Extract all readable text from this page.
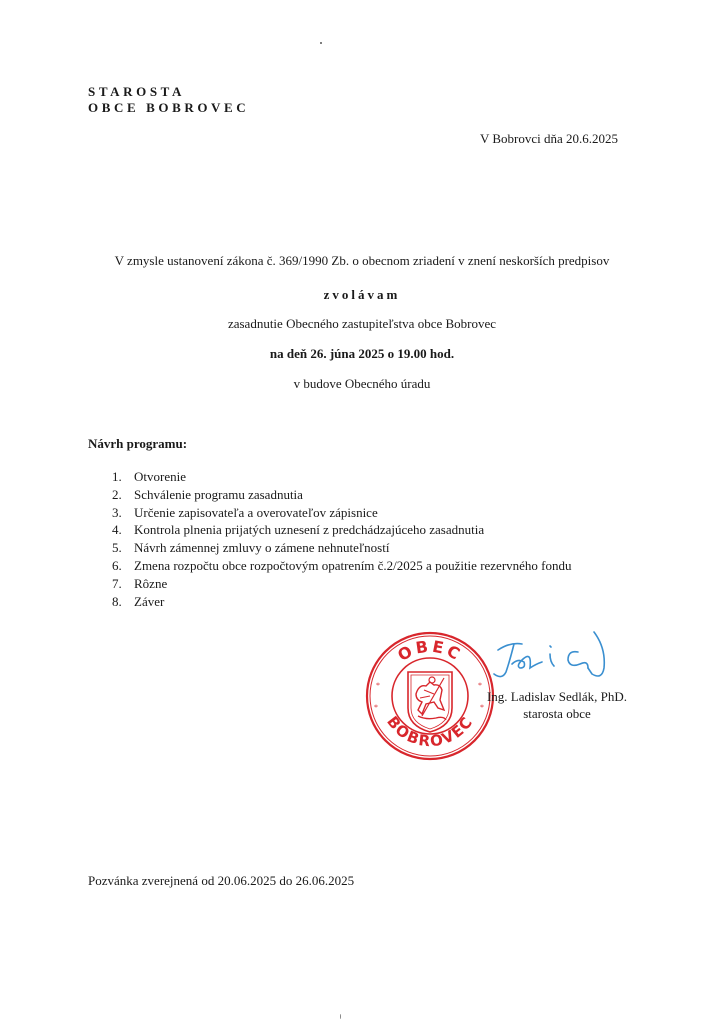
STAROSTA
OBCE BOBROVEC
V Bobrovci dňa 20.6.2025
V zmysle ustanovení zákona č. 369/1990 Zb. o obecnom zriadení v znení neskorších predpisov
zvolávam
zasadnutie Obecného zastupiteľstva obce Bobrovec
na deň 26. júna 2025 o 19.00 hod.
v budove Obecného úradu
Návrh programu:
1. Otvorenie
2. Schválenie programu zasadnutia
3. Určenie zapisovateľa a overovateľov zápisnice
4. Kontrola plnenia prijatých uznesení z predchádzajúceho zasadnutia
5. Návrh zámennej zmluvy o zámene nehnuteľností
6. Zmena rozpočtu obce rozpočtovým opatrením č.2/2025 a použitie rezervného fondu
7. Rôzne
8. Záver
OBEC
BOBROVEC
*
*
*
*
Ing. Ladislav Sedlák, PhD.
starosta obce
Pozvánka zverejnená od 20.06.2025 do 26.06.2025
